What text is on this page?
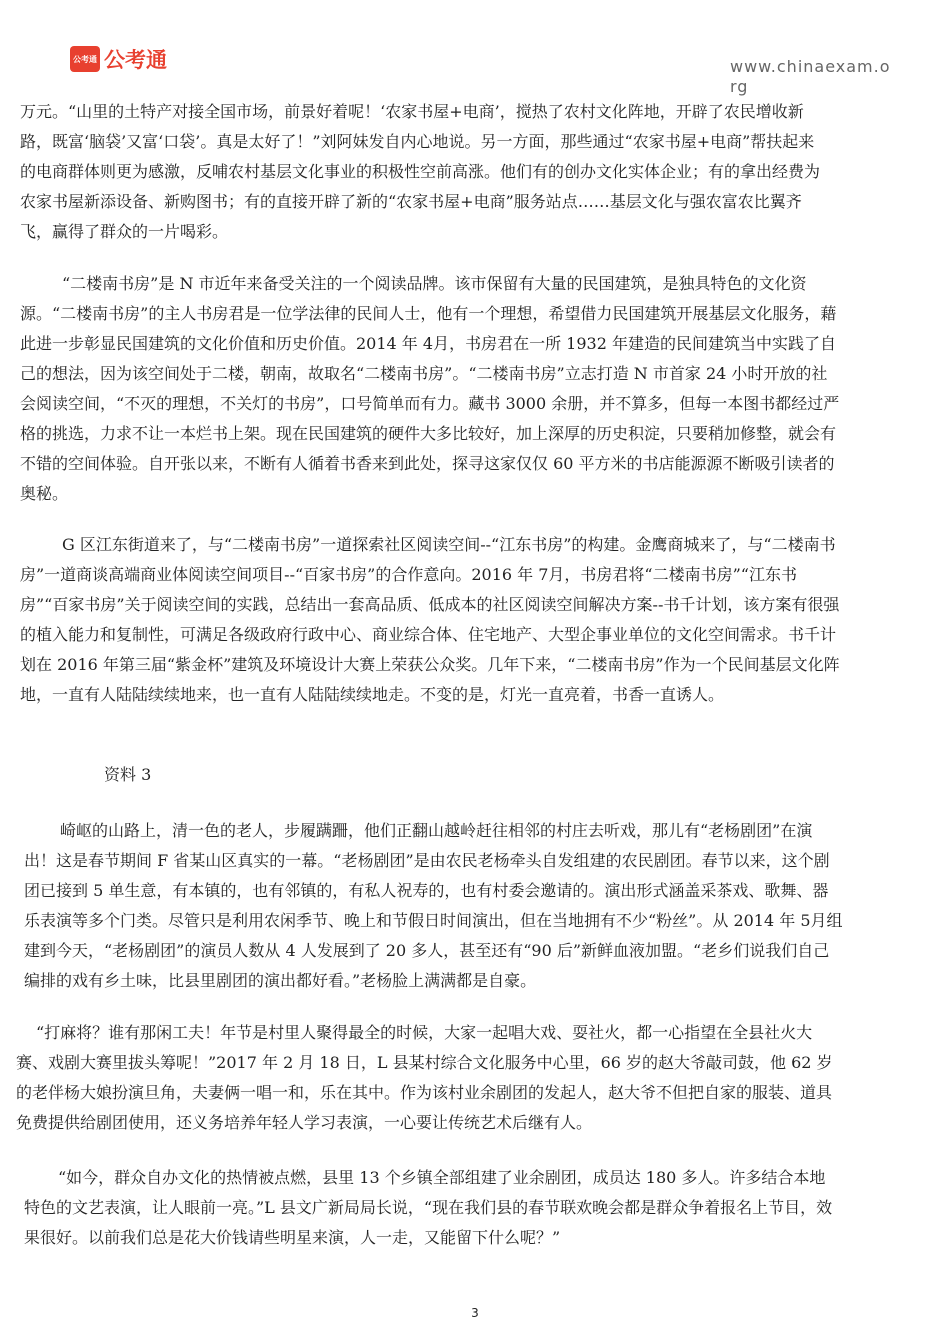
公考通 公考通	www.chinaexam.org

万元。“山里的土特产对接全国市场，前景好着呢！‘农家书屋+电商’，搅热了农村文化阵地，开辟了农民增收新路，既富‘脑袋’又富‘口袋’。真是太好了！”刘阿妹发自内心地说。另一方面，那些通过“农家书屋+电商”帮扶起来的电商群体则更为感激，反哺农村基层文化事业的积极性空前高涨。他们有的创办文化实体企业；有的拿出经费为农家书屋新添设备、新购图书；有的直接开辟了新的“农家书屋+电商”服务站点……基层文化与强农富农比翼齐飞，赢得了群众的一片喝彩。

“二楼南书房”是 N 市近年来备受关注的一个阅读品牌。该市保留有大量的民国建筑，是独具特色的文化资源。“二楼南书房”的主人书房君是一位学法律的民间人士，他有一个理想，希望借力民国建筑开展基层文化服务，藉此进一步彰显民国建筑的文化价值和历史价值。2014 年 4月，书房君在一所 1932 年建造的民间建筑当中实践了自己的想法，因为该空间处于二楼，朝南，故取名“二楼南书房”。“二楼南书房”立志打造 N 市首家 24 小时开放的社会阅读空间，“不灭的理想，不关灯的书房”，口号简单而有力。藏书 3000 余册，并不算多，但每一本图书都经过严格的挑选，力求不让一本烂书上架。现在民国建筑的硬件大多比较好，加上深厚的历史积淀，只要稍加修整，就会有不错的空间体验。自开张以来，不断有人循着书香来到此处，探寻这家仅仅 60 平方米的书店能源源不断吸引读者的奥秘。

G 区江东街道来了，与“二楼南书房”一道探索社区阅读空间--“江东书房”的构建。金鹰商城来了，与“二楼南书房”一道商谈高端商业体阅读空间项目--“百家书房”的合作意向。2016 年 7月，书房君将“二楼南书房”“江东书房”“百家书房”关于阅读空间的实践，总结出一套高品质、低成本的社区阅读空间解决方案--书千计划，该方案有很强的植入能力和复制性，可满足各级政府行政中心、商业综合体、住宅地产、大型企事业单位的文化空间需求。书千计划在 2016 年第三届“紫金杯”建筑及环境设计大赛上荣获公众奖。几年下来，“二楼南书房”作为一个民间基层文化阵地，一直有人陆陆续续地来，也一直有人陆陆续续地走。不变的是，灯光一直亮着，书香一直诱人。

资料 3

崎岖的山路上，清一色的老人，步履蹒跚，他们正翻山越岭赶往相邻的村庄去听戏，那儿有“老杨剧团”在演出！这是春节期间 F 省某山区真实的一幕。“老杨剧团”是由农民老杨牵头自发组建的农民剧团。春节以来，这个剧团已接到 5 单生意，有本镇的，也有邻镇的，有私人祝寿的，也有村委会邀请的。演出形式涵盖采茶戏、歌舞、器乐表演等多个门类。尽管只是利用农闲季节、晚上和节假日时间演出，但在当地拥有不少“粉丝”。从 2014 年 5月组建到今天，“老杨剧团”的演员人数从 4 人发展到了 20 多人，甚至还有“90 后”新鲜血液加盟。“老乡们说我们自己编排的戏有乡土味，比县里剧团的演出都好看。”老杨脸上满满都是自豪。

“打麻将？谁有那闲工夫！年节是村里人聚得最全的时候，大家一起唱大戏、耍社火，都一心指望在全县社火大赛、戏剧大赛里拔头筹呢！”2017 年 2 月 18 日，L 县某村综合文化服务中心里，66 岁的赵大爷敲司鼓，他 62 岁的老伴杨大娘扮演旦角，夫妻俩一唱一和，乐在其中。作为该村业余剧团的发起人，赵大爷不但把自家的服装、道具免费提供给剧团使用，还义务培养年轻人学习表演，一心要让传统艺术后继有人。

“如今，群众自办文化的热情被点燃，县里 13 个乡镇全部组建了业余剧团，成员达 180 多人。许多结合本地特色的文艺表演，让人眼前一亮。”L 县文广新局局长说，“现在我们县的春节联欢晚会都是群众争着报名上节目，效果很好。以前我们总是花大价钱请些明星来演，人一走，又能留下什么呢？”

3
